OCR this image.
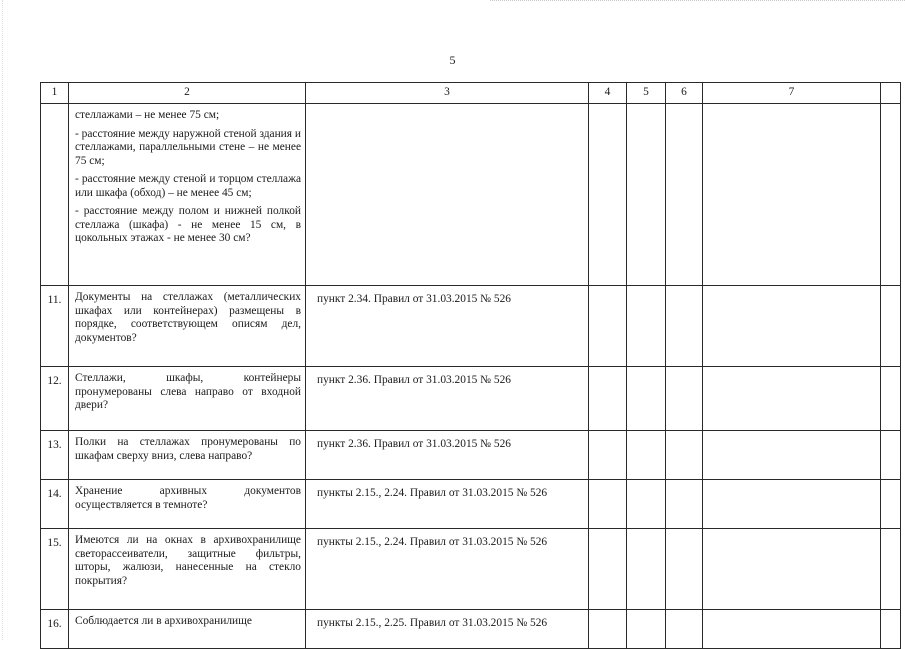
5
1	2	3	4	5	6	7	

	стеллажами – не менее 75 см;

- расстояние между наружной стеной здания и стеллажами, параллельными стене – не менее 75 см;

- расстояние между стеной и торцом стеллажа или шкафа (обход) – не менее 45 см;

- расстояние между полом и нижней полкой стеллажа (шкафа) - не менее 15 см, в цокольных этажах - не менее 30 см?						

11.	Документы на стеллажах (металлических шкафах или контейнерах) размещены в порядке, соответствующем описям дел, документов?	пункт 2.34. Правил от 31.03.2015 № 526					
12.	Стеллажи, шкафы, контейнеры пронумерованы слева направо от входной двери?	пункт 2.36. Правил от 31.03.2015 № 526					
13.	Полки на стеллажах пронумерованы по шкафам сверху вниз, слева направо?	пункт 2.36. Правил от 31.03.2015 № 526					
14.	Хранение архивных документов осуществляется в темноте?	пункты 2.15., 2.24. Правил от 31.03.2015 № 526					
15.	Имеются ли на окнах в архивохранилище светорассеиватели, защитные фильтры, шторы, жалюзи, нанесенные на стекло покрытия?	пункты 2.15., 2.24. Правил от 31.03.2015 № 526					
16.	Соблюдается ли в архивохранилище	пункты 2.15., 2.25. Правил от 31.03.2015 № 526					
